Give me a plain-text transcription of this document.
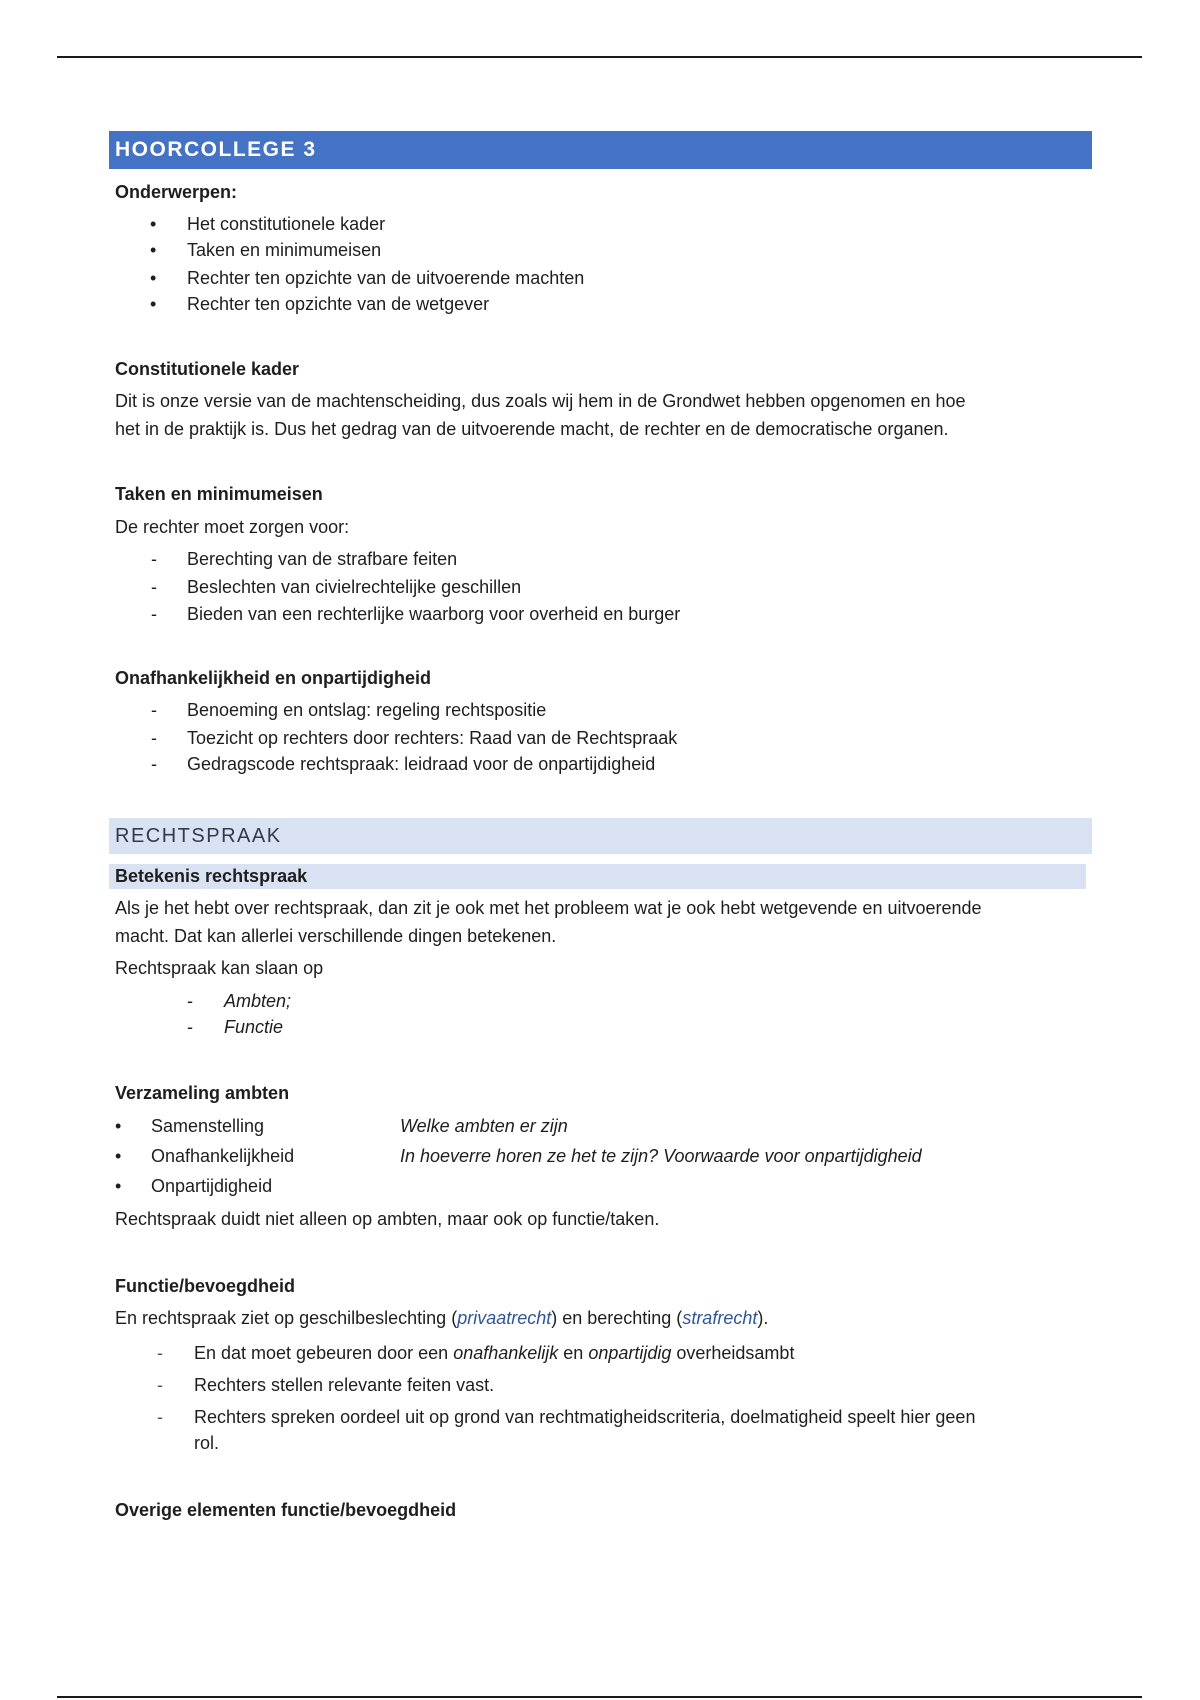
HOORCOLLEGE 3
Onderwerpen:
• Het constitutionele kader
• Taken en minimumeisen
• Rechter ten opzichte van de uitvoerende machten
• Rechter ten opzichte van de wetgever
Constitutionele kader
Dit is onze versie van de machtenscheiding, dus zoals wij hem in de Grondwet hebben opgenomen en hoe
het in de praktijk is. Dus het gedrag van de uitvoerende macht, de rechter en de democratische organen.
Taken en minimumeisen
De rechter moet zorgen voor:
- Berechting van de strafbare feiten
- Beslechten van civielrechtelijke geschillen
- Bieden van een rechterlijke waarborg voor overheid en burger
Onafhankelijkheid en onpartijdigheid
- Benoeming en ontslag: regeling rechtspositie
- Toezicht op rechters door rechters: Raad van de Rechtspraak
- Gedragscode rechtspraak: leidraad voor de onpartijdigheid
RECHTSPRAAK
Betekenis rechtspraak
Als je het hebt over rechtspraak, dan zit je ook met het probleem wat je ook hebt wetgevende en uitvoerende
macht. Dat kan allerlei verschillende dingen betekenen.
Rechtspraak kan slaan op
- Ambten;
- Functie
Verzameling ambten
• Samenstelling	Welke ambten er zijn
• Onafhankelijkheid	In hoeverre horen ze het te zijn? Voorwaarde voor onpartijdigheid
• Onpartijdigheid
Rechtspraak duidt niet alleen op ambten, maar ook op functie/taken.
Functie/bevoegdheid
En rechtspraak ziet op geschilbeslechting (privaatrecht) en berechting (strafrecht).
- En dat moet gebeuren door een onafhankelijk en onpartijdig overheidsambt
- Rechters stellen relevante feiten vast.
- Rechters spreken oordeel uit op grond van rechtmatigheidscriteria, doelmatigheid speelt hier geen
rol.
Overige elementen functie/bevoegdheid
